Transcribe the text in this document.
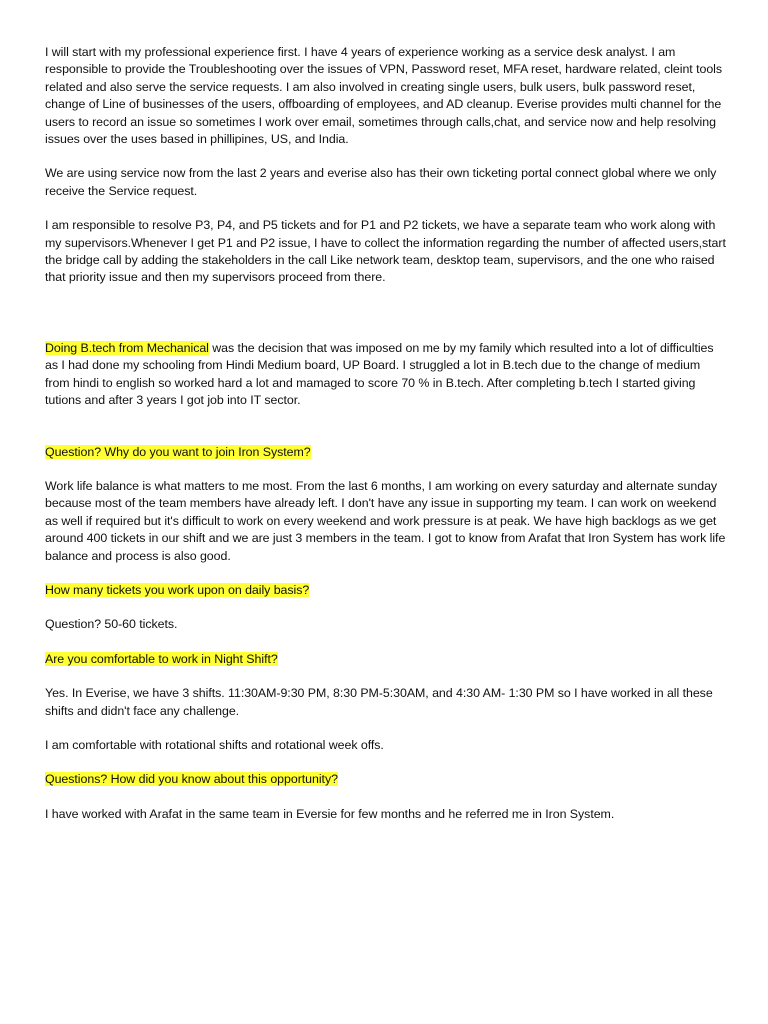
I will start with my professional experience first. I have 4 years of experience working as a service desk analyst. I am responsible to provide the Troubleshooting over the issues of VPN, Password reset, MFA reset, hardware related, cleint tools related and also serve the service requests. I am also involved in creating single users, bulk users, bulk password reset, change of Line of businesses of the users, offboarding of employees, and AD cleanup. Everise provides multi channel for the users to record an issue so sometimes I work over email, sometimes through calls,chat, and service now and help resolving issues over the uses based in phillipines, US, and India.

We are using service now from the last 2 years and everise also has their own ticketing portal connect global where we only receive the Service request.

I am responsible to resolve P3, P4, and P5 tickets and for P1 and P2 tickets, we have a separate team who work along with my supervisors.Whenever I get P1 and P2 issue, I have to collect the information regarding the number of affected users,start the bridge call by adding the stakeholders in the call Like network team, desktop team, supervisors, and the one who raised that priority issue and then my supervisors proceed from there.

Doing B.tech from Mechanical was the decision that was imposed on me by my family which resulted into a lot of difficulties as I had done my schooling from Hindi Medium board, UP Board. I struggled a lot in B.tech due to the change of medium from hindi to english so worked hard a lot and mamaged to score 70 % in B.tech. After completing b.tech I started giving tutions and after 3 years I got job into IT sector.

Question? Why do you want to join Iron System?

Work life balance is what matters to me most. From the last 6 months, I am working on every saturday and alternate sunday because most of the team members have already left. I don't have any issue in supporting my team. I can work on weekend as well if required but it's difficult to work on every weekend and work pressure is at peak. We have high backlogs as we get around 400 tickets in our shift and we are just 3 members in the team. I got to know from Arafat that Iron System has work life balance and process is also good.

How many tickets you work upon on daily basis?

Question? 50-60 tickets.

Are you comfortable to work in Night Shift?

Yes. In Everise, we have 3 shifts. 11:30AM-9:30 PM, 8:30 PM-5:30AM, and 4:30 AM- 1:30 PM so I have worked in all these shifts and didn't face any challenge.

I am comfortable with rotational shifts and rotational week offs.

Questions? How did you know about this opportunity?

I have worked with Arafat in the same team in Eversie for few months and he referred me in Iron System.
